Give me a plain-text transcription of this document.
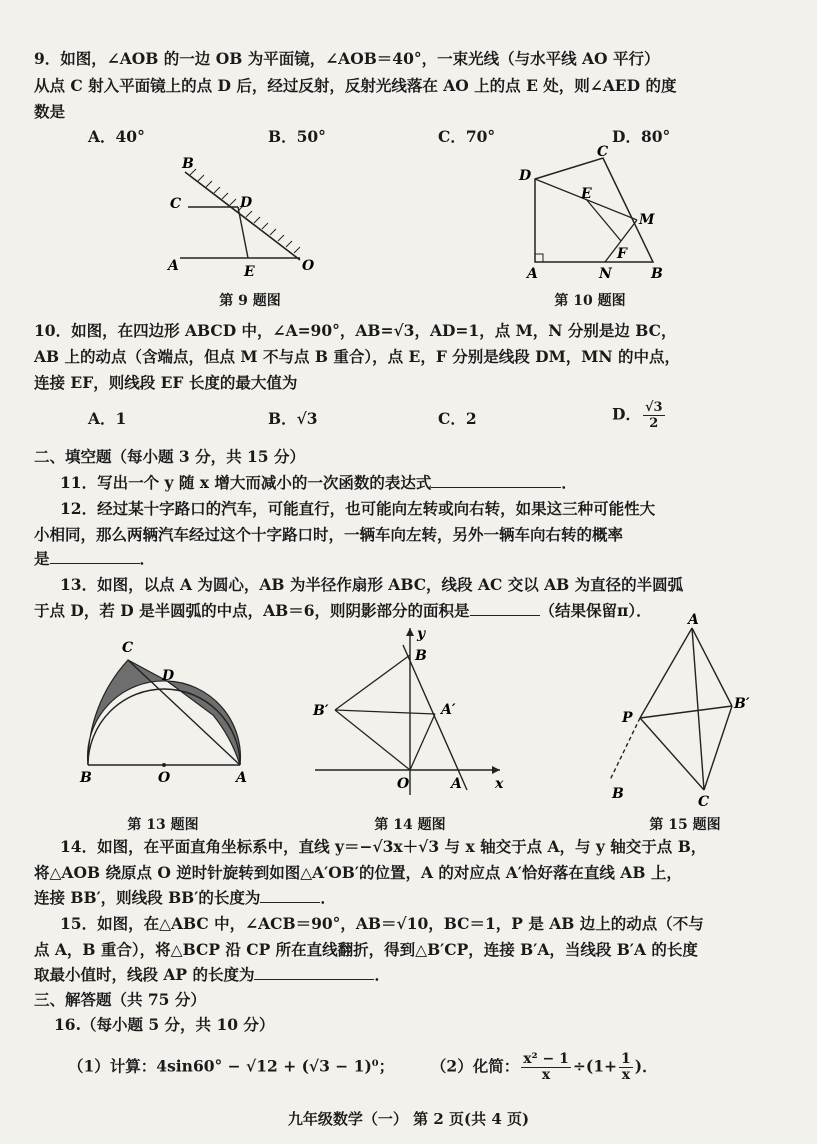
9．如图，∠AOB 的一边 OB 为平面镜，∠AOB＝40°，一束光线（与水平线 AO 平行）
从点 C 射入平面镜上的点 D 后，经过反射，反射光线落在 AO 上的点 E 处，则∠AED 的度
数是
A．40°	B．50°	C．70°	D．80°
B
C	D
A	E	O
第 9 题图
D
C
E
M
F
A	N	B
第 10 题图
10．如图，在四边形 ABCD 中，∠A=90°，AB=√3，AD=1，点 M，N 分别是边 BC，
AB 上的动点（含端点，但点 M 不与点 B 重合），点 E，F 分别是线段 DM，MN 的中点，
连接 EF，则线段 EF 长度的最大值为
A．1	B．√3	C．2	D． $\frac{√3}{2}$
二、填空题（每小题 3 分，共 15 分）
11．写出一个 y 随 x 增大而减小的一次函数的表达式	．
12．经过某十字路口的汽车，可能直行，也可能向左转或向右转，如果这三种可能性大
小相同，那么两辆汽车经过这个十字路口时，一辆车向左转，另外一辆车向右转的概率
是	．
13．如图，以点 A 为圆心，AB 为半径作扇形 ABC，线段 AC 交以 AB 为直径的半圆弧
于点 D，若 D 是半圆弧的中点，AB＝6，则阴影部分的面积是	（结果保留π）．
C
D
B	O	A
第 13 题图
y
x
B
B′	A′
O	A
第 14 题图
A
B′
P
B	C
第 15 题图
14．如图，在平面直角坐标系中，直线 y＝−√3x＋√3 与 x 轴交于点 A，与 y 轴交于点 B，
将△AOB 绕原点 O 逆时针旋转到如图△A′OB′的位置，A 的对应点 A′恰好落在直线 AB 上，
连接 BB′，则线段 BB′的长度为	．
15．如图，在△ABC 中，∠ACB＝90°，AB＝√10，BC＝1，P 是 AB 边上的动点（不与
点 A，B 重合），将△BCP 沿 CP 所在直线翻折，得到△B′CP，连接 B′A，当线段 B′A 的长度
取最小值时，线段 AP 的长度为	．
三、解答题（共 75 分）
16.（每小题 5 分，共 10 分）
（1）计算：4sin60° − √12 + (√3 − 1)⁰； （2）化简： $\frac{\text{x² − 1}}{x} \div(1+ \frac{1}{x}$ )．
九年级数学（一） 第 2 页(共 4 页)
